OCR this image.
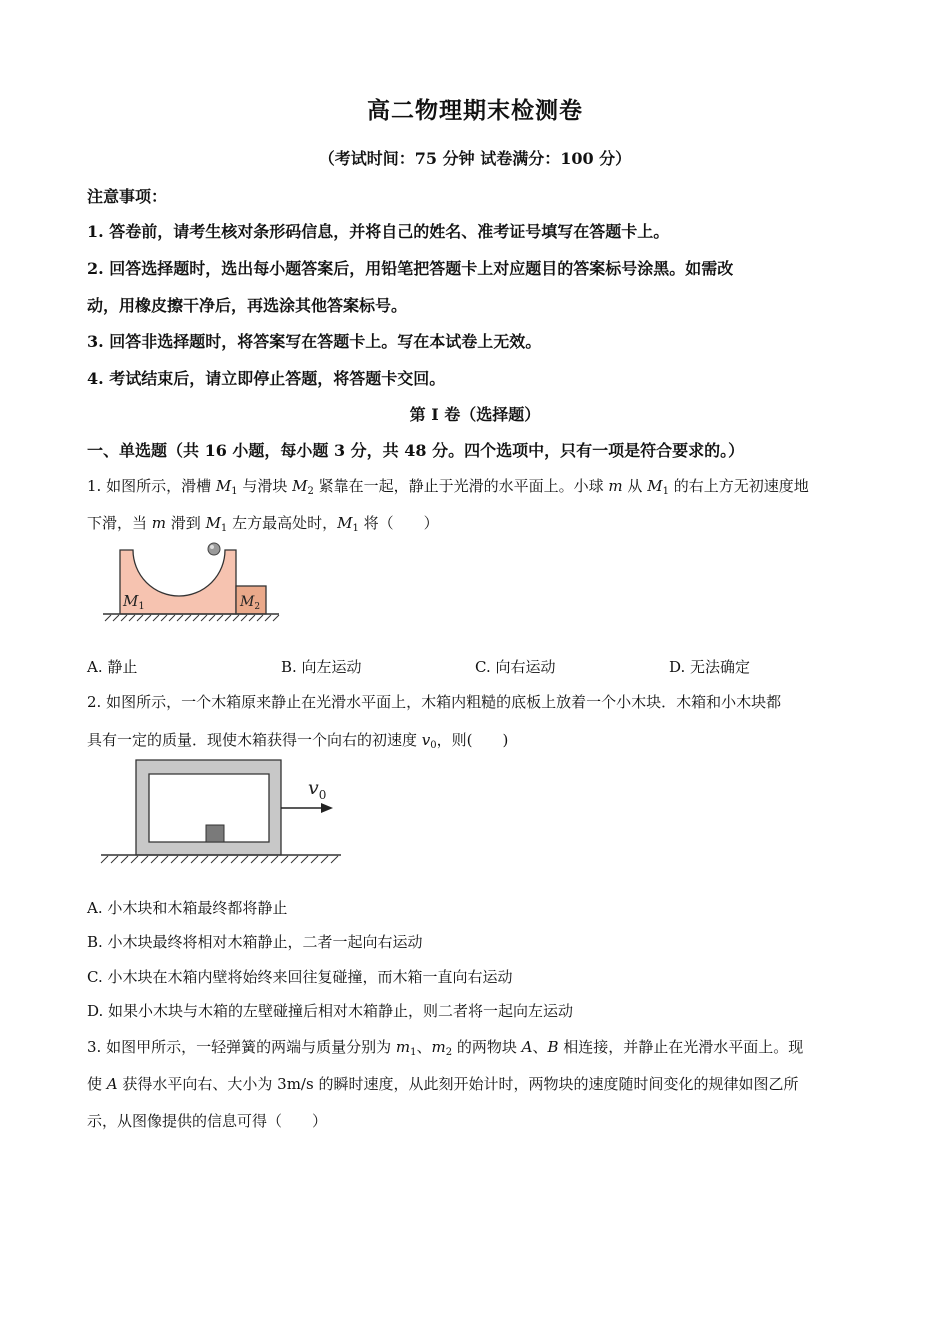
高二物理期末检测卷
（考试时间：75 分钟 试卷满分：100 分）
注意事项：
1. 答卷前，请考生核对条形码信息，并将自己的姓名、准考证号填写在答题卡上。
2. 回答选择题时，选出每小题答案后，用铅笔把答题卡上对应题目的答案标号涂黑。如需改
动，用橡皮擦干净后，再选涂其他答案标号。
3. 回答非选择题时，将答案写在答题卡上。写在本试卷上无效。
4. 考试结束后，请立即停止答题，将答题卡交回。
第 I 卷（选择题）
一、单选题（共 16 小题，每小题 3 分，共 48 分。四个选项中，只有一项是符合要求的。）
1. 如图所示，滑槽 $M_1$ 与滑块 $M_2$ 紧靠在一起，静止于光滑的水平面上。小球 m 从 $M_1$ 的右上方无初速度地
下滑，当 m 滑到 $M_1$ 左方最高处时，$M_1$ 将（　　）
$M_1$	$M_2$
A. 静止	B. 向左运动	C. 向右运动	D. 无法确定
2. 如图所示，一个木箱原来静止在光滑水平面上，木箱内粗糙的底板上放着一个小木块．木箱和小木块都
具有一定的质量．现使木箱获得一个向右的初速度 $v_0$，则(　　)
$v_0$
A. 小木块和木箱最终都将静止
B. 小木块最终将相对木箱静止，二者一起向右运动
C. 小木块在木箱内壁将始终来回往复碰撞，而木箱一直向右运动
D. 如果小木块与木箱的左壁碰撞后相对木箱静止，则二者将一起向左运动
3. 如图甲所示，一轻弹簧的两端与质量分别为 $m_1$、$m_2$ 的两物块 A、B 相连接，并静止在光滑水平面上。现
使 A 获得水平向右、大小为 3m/s 的瞬时速度，从此刻开始计时，两物块的速度随时间变化的规律如图乙所
示，从图像提供的信息可得（　　）
